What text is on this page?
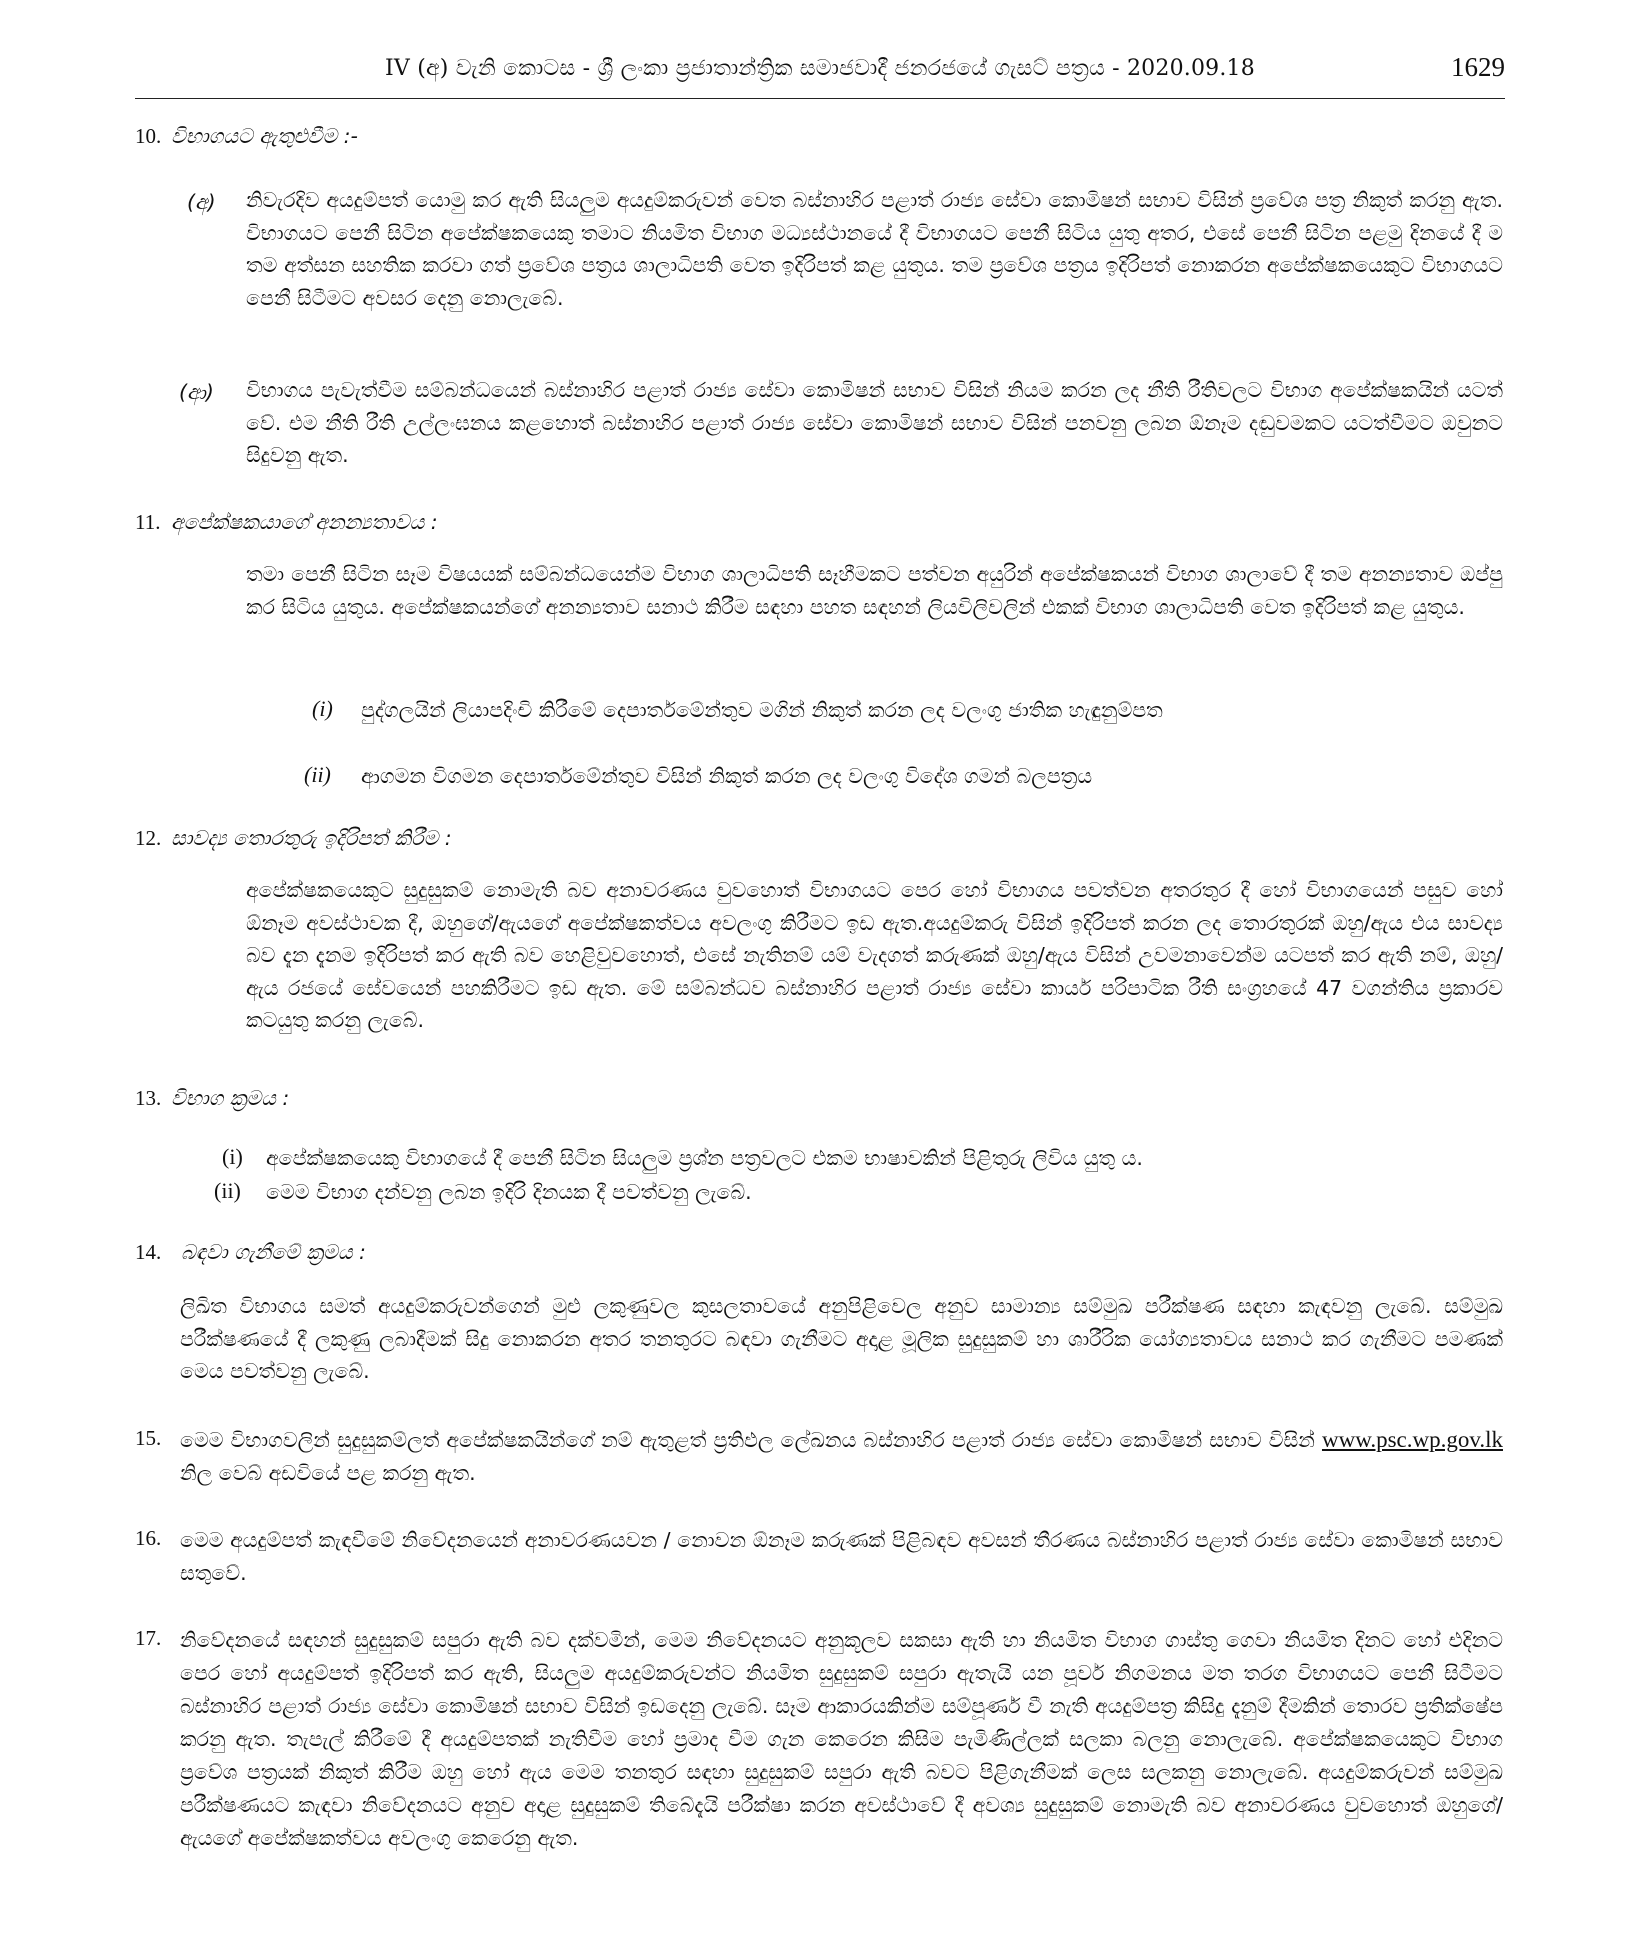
IV (අ) වැනි කොටස - ශ්‍රී ලංකා ප්‍රජාතාන්ත්‍රික සමාජවාදී ජනරජයේ ගැසට් පත්‍රය - 2020.09.18	1629
10. විභාගයට ඇතුළුවීම :-
(අ) නිවැරදිව අයදුම්පත් යොමු කර ඇති සියලුම අයදුම්කරුවන් වෙත බස්නාහිර පළාත් රාජ්‍ය සේවා කොමිෂන් සභාව විසින් ප්‍රවේශ පත්‍ර නිකුත් කරනු ඇත. විභාගයට පෙනී සිටින අපේක්ෂකයෙකු තමාට නියමිත විභාග මධ්‍යස්ථානයේ දී විභාගයට පෙනී සිටිය යුතු අතර, එසේ පෙනී සිටින පළමු දිනයේ දී ම තම අත්සන සහතික කරවා ගත් ප්‍රවේශ පත්‍රය ශාලාධිපති වෙත ඉදිරිපත් කළ යුතුය. තම ප්‍රවේශ පත්‍රය ඉදිරිපත් නොකරන අපේක්ෂකයෙකුට විභාගයට පෙනී සිටීමට අවසර දෙනු නොලැබේ.
(ආ) විභාගය පැවැත්වීම සම්බන්ධයෙන් බස්නාහිර පළාත් රාජ්‍ය සේවා කොමිෂන් සභාව විසින් නියම කරන ලද නීති රීතිවලට විභාග අපේක්ෂකයින් යටත් වේ. එම නීති රීති උල්ලංඝනය කළහොත් බස්නාහිර පළාත් රාජ්‍ය සේවා කොමිෂන් සභාව විසින් පනවනු ලබන ඕනෑම දඬුවමකට යටත්වීමට ඔවුනට සිදුවනු ඇත.
11. අපේක්ෂකයාගේ අනන්‍යතාවය :
තමා පෙනී සිටින සෑම විෂයයක් සම්බන්ධයෙන්ම විභාග ශාලාධිපති සෑහීමකට පත්වන අයුරින් අපේක්ෂකයන් විභාග ශාලාවේ දී තම අනන්‍යතාව ඔප්පු කර සිටිය යුතුය. අපේක්ෂකයන්ගේ අනන්‍යතාව සනාථ කිරීම සඳහා පහත සඳහන් ලියවිලිවලින් එකක් විභාග ශාලාධිපති වෙත ඉදිරිපත් කළ යුතුය.
(i) පුද්ගලයින් ලියාපදිංචි කිරීමේ දෙපාර්තමේන්තුව මගින් නිකුත් කරන ලද වලංගු ජාතික හැඳුනුම්පත
(ii) ආගමන විගමන දෙපාර්තමේන්තුව විසින් නිකුත් කරන ලද වලංගු විදේශ ගමන් බලපත්‍රය
12. සාවද්‍ය තොරතුරු ඉදිරිපත් කිරීම :
අපේක්ෂකයෙකුට සුදුසුකම් නොමැති බව අනාවරණය වුවහොත් විභාගයට පෙර හෝ විභාගය පවත්වන අතරතුර දී හෝ විභාගයෙන් පසුව හෝ ඕනෑම අවස්ථාවක දී, ඔහුගේ/ඇයගේ අපේක්ෂකත්වය අවලංගු කිරීමට ඉඩ ඇත.අයදුම්කරු විසින් ඉදිරිපත් කරන ලද තොරතුරක් ඔහු/ඇය එය සාවද්‍ය බව දැන දැනම ඉදිරිපත් කර ඇති බව හෙළිවුවහොත්, එසේ නැතිනම් යම් වැදගත් කරුණක් ඔහු/ඇය විසින් උවමනාවෙන්ම යටපත් කර ඇති නම්, ඔහු/ඇය රජයේ සේවයෙන් පහකිරීමට ඉඩ ඇත. මේ සම්බන්ධව බස්නාහිර පළාත් රාජ්‍ය සේවා කාර්ය පරිපාටික රීති සංග්‍රහයේ 47 වගන්තිය ප්‍රකාරව කටයුතු කරනු ලැබේ.
13. විභාග ක්‍රමය :
(i) අපේක්ෂකයෙකු විභාගයේ දී පෙනී සිටින සියලුම ප්‍රශ්න පත්‍රවලට එකම භාෂාවකින් පිළිතුරු ලිවිය යුතු ය.
(ii) මෙම විභාග දන්වනු ලබන ඉදිරි දිනයක දී පවත්වනු ලැබේ.
14. බඳවා ගැනීමේ ක්‍රමය :
ලිඛිත විභාගය සමත් අයදුම්කරුවන්ගෙන් මුළු ලකුණුවල කුසලතාවයේ අනුපිළිවෙල අනුව සාමාන්‍ය සම්මුඛ පරීක්ෂණ සඳහා කැඳවනු ලැබේ. සම්මුඛ පරීක්ෂණයේ දී ලකුණු ලබාදීමක් සිදු නොකරන අතර තනතුරට බඳවා ගැනීමට අදාළ මූලික සුදුසුකම් හා ශාරීරික යෝග්‍යතාවය සනාථ කර ගැනීමට පමණක් මෙය පවත්වනු ලැබේ.
15. මෙම විභාගවලින් සුදුසුකම්ලත් අපේක්ෂකයින්ගේ නම් ඇතුළත් ප්‍රතිඵල ලේඛනය බස්නාහිර පළාත් රාජ්‍ය සේවා කොමිෂන් සභාව විසින් www.psc.wp.gov.lk නිල වෙබ් අඩවියේ පළ කරනු ඇත.
16. මෙම අයදුම්පත් කැඳවීමේ නිවේදනයෙන් අනාවරණයවන / නොවන ඕනෑම කරුණක් පිළිබඳව අවසන් තීරණය බස්නාහිර පළාත් රාජ්‍ය සේවා කොමිෂන් සභාව සතුවේ.
17. නිවේදනයේ සඳහන් සුදුසුකම් සපුරා ඇති බව දක්වමින්, මෙම නිවේදනයට අනුකූලව සකසා ඇති හා නියමිත විභාග ගාස්තු ගෙවා නියමිත දිනට හෝ එදිනට පෙර හෝ අයදුම්පත් ඉදිරිපත් කර ඇති, සියලුම අයදුම්කරුවන්ට නියමිත සුදුසුකම් සපුරා ඇතැයි යන පූර්ව නිගමනය මත තරග විභාගයට පෙනී සිටීමට බස්නාහිර පළාත් රාජ්‍ය සේවා කොමිෂන් සභාව විසින් ඉඩදෙනු ලැබේ. සෑම ආකාරයකින්ම සම්පූර්ණ වී නැති අයදුම්පත්‍ර කිසිදු දැනුම් දීමකින් තොරව ප්‍රතික්ෂේප කරනු ඇත. තැපැල් කිරීමේ දී අයදුම්පතක් නැතිවීම හෝ ප්‍රමාද වීම ගැන කෙරෙන කිසිම පැමිණිල්ලක් සලකා බලනු නොලැබේ. අපේක්ෂකයෙකුට විභාග ප්‍රවේශ පත්‍රයක් නිකුත් කිරීම ඔහු හෝ ඇය මෙම තනතුර සඳහා සුදුසුකම් සපුරා ඇති බවට පිළිගැනීමක් ලෙස සලකනු නොලැබේ. අයදුම්කරුවන් සම්මුඛ පරීක්ෂණයට කැඳවා නිවේදනයට අනුව අදාළ සුදුසුකම් තිබේදැයි පරීක්ෂා කරන අවස්ථාවේ දී අවශ්‍ය සුදුසුකම් නොමැති බව අනාවරණය වුවහොත් ඔහුගේ/ඇයගේ අපේක්ෂකත්වය අවලංගු කෙරෙනු ඇත.
